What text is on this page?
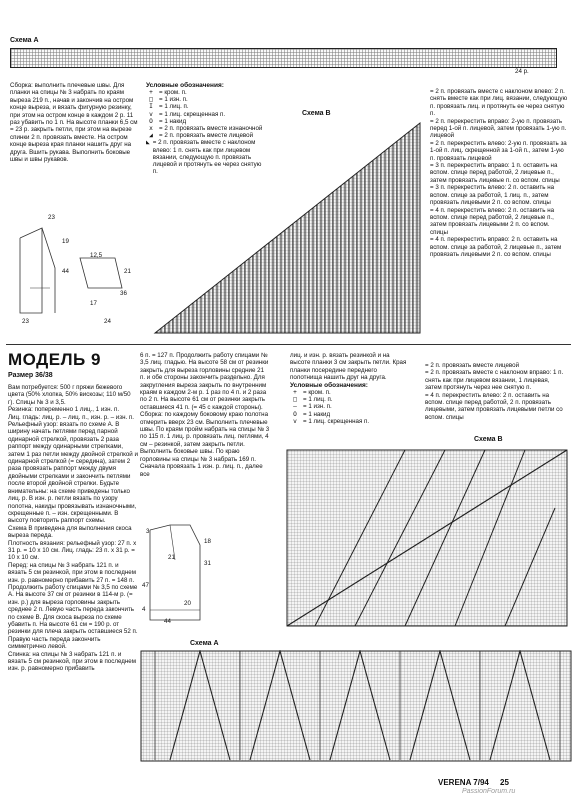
Схема А
24 p.
Сборка: выполнить плечевые швы. Для планки на спицы № 3 набрать по краям выреза 219 п., начав и закончив на остром конце выреза, и вязать фигурную резинку, при этом на остром конце в каждом 2 р. 11 раз убавить по 1 п. На высоте планки 6,5 см = 23 р. закрыть петли, при этом на вырезе спинки 2 п. провязать вместе. На остром конце выреза края планки нашить друг на друга. Вшить рукава. Выполнить боковые швы и швы рукавов.
23
19
44
23
12,5
21
17
36
24
Условные обозначения:
+ = кром. п.
□ = 1 изн. п.
I = 1 лиц. п.
v = 1 лиц. скрещенная п.
O = 1 накид
x = 2 п. провязать вместе изнаночной
◢ = 2 п. провязать вместе лицевой
◣ = 2 п. провязать вместе с наклоном влево: 1 п. снять как при лицевом вязании, следующую п. провязать лицевой и протянуть ее через снятую п.
Схема В
= 2 п. провязать вместе с наклоном влево: 2 п. снять вместе как при лиц. вязании, следующую п. провязать лиц. и протянуть ее через снятую п.
= 2 п. перекрестить вправо: 2-ую п. провязать перед 1-ой п. лицевой, затем провязать 1-ую п. лицевой
= 2 п. перекрестить влево: 2-ую п. провязать за 1-ой п. лиц. скрещенной за 1-ой п., затем 1-ую п. провязать лицевой
= 3 п. перекрестить вправо: 1 п. оставить на вспом. спице перед работой, 2 лицевые п., затем провязать лицевые п. со вспом. спицы
= 3 п. перекрестить влево: 2 п. оставить на вспом. спице за работой, 1 лиц. п., затем провязать лицевыми 2 п. со вспом. спицы
= 4 п. перекрестить влево: 2 п. оставить на вспом. спице перед работой, 2 лицевые п., затем провязать лицевыми 2 п. со вспом. спицы
= 4 п. перекрестить вправо: 2 п. оставить на вспом. спице за работой, 2 лицевые п., затем провязать лицевыми 2 п. со вспом. спицы
МОДЕЛЬ 9
Размер 36/38
Вам потребуется: 500 г пряжи бежевого цвета (50% хлопка, 50% вискозы; 110 м/50 г). Спицы № 3 и 3,5.
Резинка: попеременно 1 лиц., 1 изн. п.
Лиц. гладь: лиц. р. – лиц. п., изн. р. – изн. п.
Рельефный узор: вязать по схеме А. В ширину начать петлями перед парной одинарной стрелкой, провязать 2 раза раппорт между одинарными стрелками, затем 1 раз петли между двойной стрелкой и одинарной стрелкой (= середина), затем 2 раза провязать раппорт между двумя двойными стрелками и закончить петлями после второй двойной стрелки. Будьте внимательны: на схеме приведены только лиц. р. В изн. р. петли вязать по узору полотна, накиды провязывать изнаночными, скрещенные п. – изн. скрещенными. В высоту повторить раппорт схемы.
Схема В приведена для выполнения скоса выреза переда.
Плотность вязания: рельефный узор: 27 п. x 31 р. = 10 x 10 см. Лиц. гладь: 23 п. x 31 р. = 10 x 10 см.
Перед: на спицы № 3 набрать 121 п. и вязать 5 см резинкой, при этом в последнем изн. р. равномерно прибавить 27 п. = 148 п. Продолжить работу спицами № 3,5 по схеме А. На высоте 37 см от резинки в 114-м р. (= изн. р.) для выреза горловины закрыть среднее 2 п. Левую часть переда закончить по схеме В. Для скоса выреза по схеме убавить п. На высоте 61 см = 190 р. от резинки для плеча закрыть оставшиеся 52 п. Правую часть переда закончить симметрично левой.
Спинка: на спицы № 3 набрать 121 п. и вязать 5 см резинкой, при этом в последнем изн. р. равномерно прибавить
6 п. = 127 п. Продолжить работу спицами № 3,5 лиц. гладью. На высоте 58 см от резинки закрыть для выреза горловины средние 21 п. и обе стороны закончить раздельно. Для закругления выреза закрыть по внутренним краям в каждом 2-м р. 1 раз по 4 п. и 2 раза по 2 п. На высоте 61 см от резинки закрыть оставшиеся 41 п. (= 45 с каждой стороны).
Сборка: по каждому боковому краю полотна отмерить вверх 23 см. Выполнить плечевые швы. По краям пройм набрать на спицы № 3 по 115 п. 1 лиц. р. провязать лиц. петлями, 4 см – резинкой, затем закрыть петли. Выполнить боковые швы. По краю горловины на спицы № 3 набрать 169 п. Сначала провязать 1 изн. р. лиц. п., далее все
3
18
31
21
20
44
4
47
лиц. и изн. р. вязать резинкой и на высоте планки 3 см закрыть петли. Края планки посередине переднего полотнища нашить друг на друга.
Условные обозначения:
+ = кром. п.
□ = 1 лиц. п.
— = 1 изн. п.
O = 1 накид
v = 1 лиц. скрещенная п.
= 2 п. провязать вместе лицевой
= 2 п. провязать вместе с наклоном вправо: 1 п. снять как при лицевом вязании, 1 лицевая, затем протянуть через нее снятую п.
= 4 п. перекрестить влево: 2 п. оставить на вспом. спице перед работой, 2 п. провязать лицевыми, затем провязать лицевыми петли со вспом. спицы
Схема В
Схема А
VERENA 7/94 25
PassionForum.ru
